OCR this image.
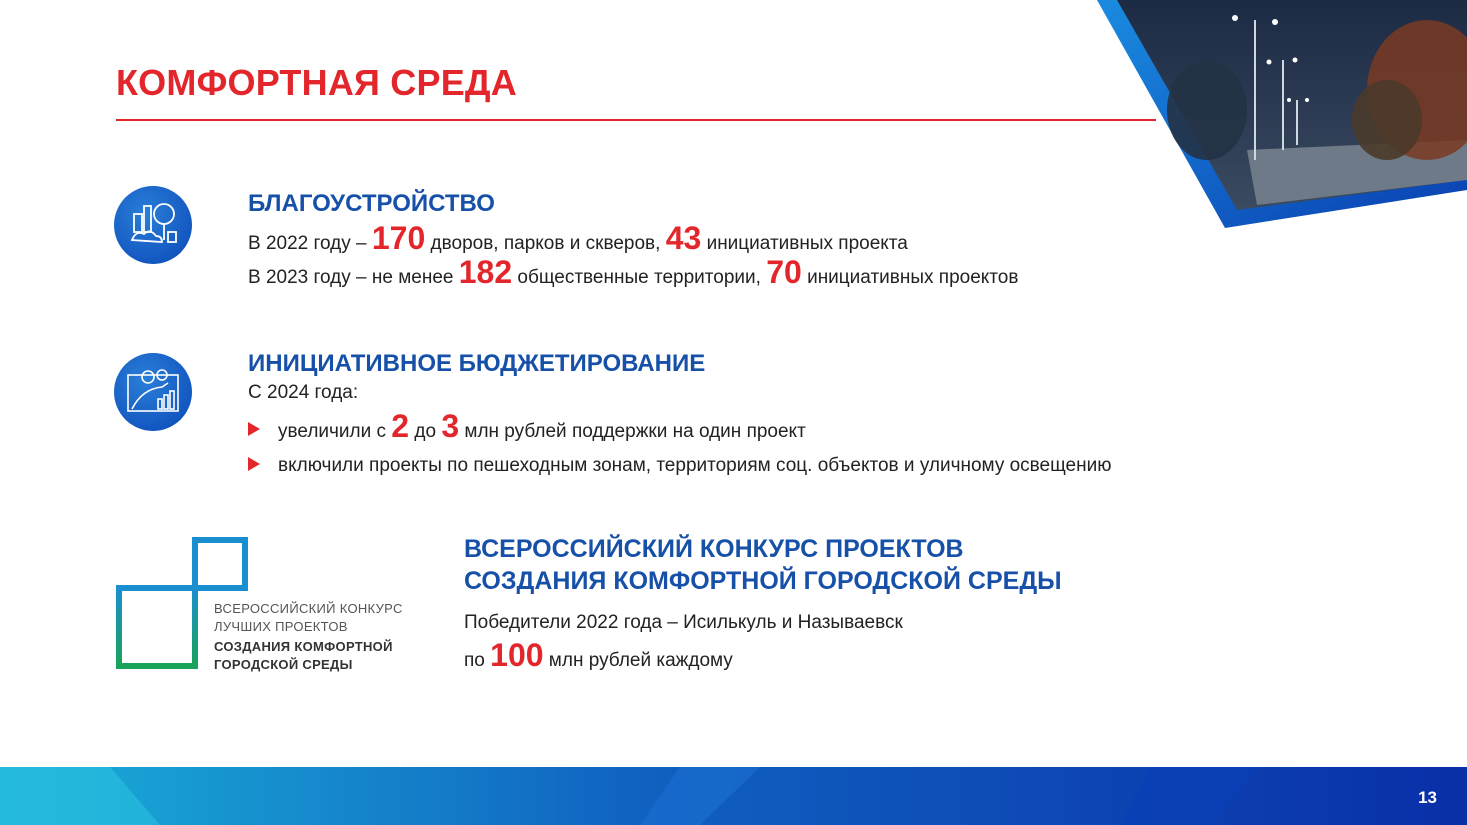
КОМФОРТНАЯ СРЕДА
БЛАГОУСТРОЙСТВО
В 2022 году – 170 дворов, парков и скверов, 43 инициативных проекта
В 2023 году – не менее 182 общественные территории, 70 инициативных проектов
ИНИЦИАТИВНОЕ БЮДЖЕТИРОВАНИЕ
С 2024 года:
увеличили с 2 до 3 млн рублей поддержки на один проект
включили проекты по пешеходным зонам, территориям соц. объектов и уличному освещению
ВСЕРОССИЙСКИЙ КОНКУРС
ЛУЧШИХ ПРОЕКТОВ
СОЗДАНИЯ КОМФОРТНОЙ
ГОРОДСКОЙ СРЕДЫ
ВСЕРОССИЙСКИЙ КОНКУРС ПРОЕКТОВ
СОЗДАНИЯ КОМФОРТНОЙ ГОРОДСКОЙ СРЕДЫ
Победители 2022 года – Исилькуль и Называевск
по 100 млн рублей каждому
13
